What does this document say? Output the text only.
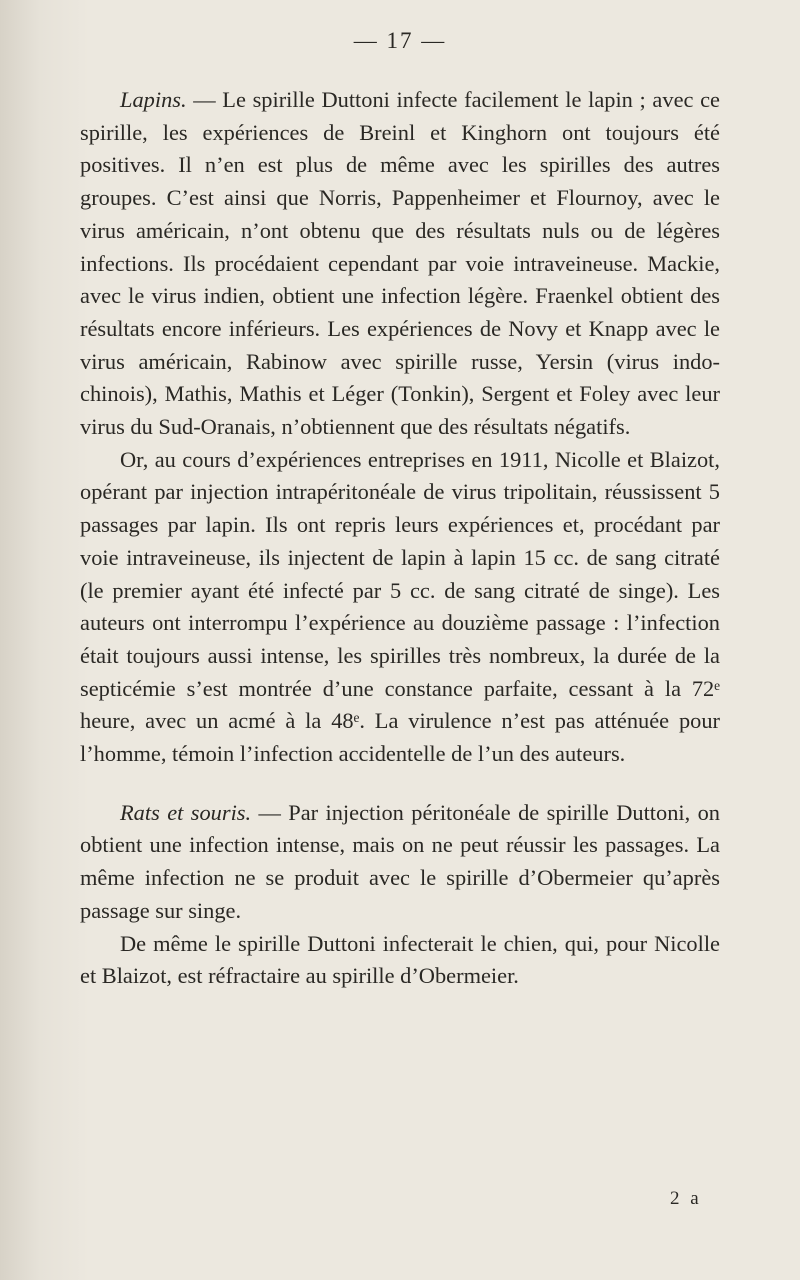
— 17 —

Lapins. — Le spirille Duttoni infecte facilement le lapin ; avec ce spirille, les expériences de Breinl et Kinghorn ont toujours été positives. Il n’en est plus de même avec les spirilles des autres groupes. C’est ainsi que Norris, Pappenheimer et Flournoy, avec le virus américain, n’ont obtenu que des résultats nuls ou de légères infections. Ils procédaient cependant par voie intraveineuse. Mackie, avec le virus indien, obtient une infection légère. Fraenkel obtient des résultats encore inférieurs. Les expériences de Novy et Knapp avec le virus américain, Rabinow avec spirille russe, Yersin (virus indo-chinois), Mathis, Mathis et Léger (Tonkin), Sergent et Foley avec leur virus du Sud-Oranais, n’obtiennent que des résultats négatifs.

Or, au cours d’expériences entreprises en 1911, Nicolle et Blaizot, opérant par injection intrapéritonéale de virus tripolitain, réussissent 5 passages par lapin. Ils ont repris leurs expériences et, procédant par voie intraveineuse, ils injectent de lapin à lapin 15 cc. de sang citraté (le premier ayant été infecté par 5 cc. de sang citraté de singe). Les auteurs ont interrompu l’expérience au douzième passage : l’infection était toujours aussi intense, les spirilles très nombreux, la durée de la septicémie s’est montrée d’une constance parfaite, cessant à la 72ᵉ heure, avec un acmé à la 48ᵉ. La virulence n’est pas atténuée pour l’homme, témoin l’infection accidentelle de l’un des auteurs.

Rats et souris. — Par injection péritonéale de spirille Duttoni, on obtient une infection intense, mais on ne peut réussir les passages. La même infection ne se produit avec le spirille d’Obermeier qu’après passage sur singe.

De même le spirille Duttoni infecterait le chien, qui, pour Nicolle et Blaizot, est réfractaire au spirille d’Obermeier.

2 a
